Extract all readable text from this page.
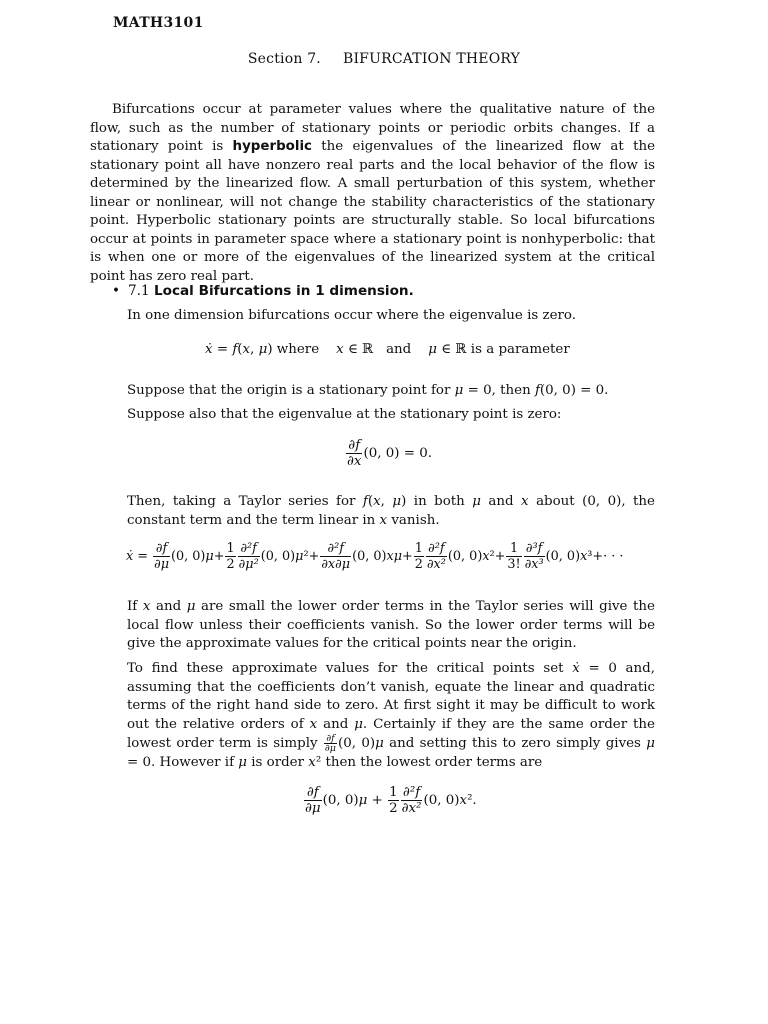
MATH3101
Section 7. BIFURCATION THEORY
Bifurcations occur at parameter values where the qualitative nature of the flow, such as the number of stationary points or periodic orbits changes. If a stationary point is hyperbolic the eigenvalues of the linearized flow at the stationary point all have nonzero real parts and the local behavior of the flow is determined by the linearized flow. A small perturbation of this system, whether linear or nonlinear, will not change the stability characteristics of the stationary point. Hyperbolic stationary points are structurally stable. So local bifurcations occur at points in parameter space where a stationary point is nonhyperbolic: that is when one or more of the eigenvalues of the linearized system at the critical point has zero real part.
• 7.1 Local Bifurcations in 1 dimension.
In one dimension bifurcations occur where the eigenvalue is zero.
ẋ = f(x, μ) where x ∈ ℝ   and μ ∈ ℝ is a parameter
Suppose that the origin is a stationary point for μ = 0, then f(0, 0) = 0.
Suppose also that the eigenvalue at the stationary point is zero:
$\frac{\partial f}{\partial x} (0$, 0) = 0.
Then, taking a Taylor series for f(x, μ) in both μ and x about (0, 0), the constant term and the term linear in x vanish.
ẋ = $\frac{\partial f}{\partial\mu} (0$, $0)\mu+ \frac{1}{2} \frac{\text{∂²f}}{\text{∂μ²}} (0$, $0)\mu^2+ \frac{\text{∂²f}}{\partial x\partial\mu} (0$, $0)x\mu+ \frac{1}{2} \frac{\text{∂²f}}{\text{∂x²}} (0$, $0)x^2+ \frac{1}{3!} \frac{\text{∂³f}}{\text{∂x³}} (0$, 0)x³+· · ·
If x and μ are small the lower order terms in the Taylor series will give the local flow unless their coefficients vanish. So the lower order terms will be give the approximate values for the critical points near the origin.
To find these approximate values for the critical points set ẋ = 0 and, assuming that the coefficients don’t vanish, equate the linear and quadratic terms of the right hand side to zero. At first sight it may be difficult to work out the relative orders of x and μ. Certainly if they are the same order the lowest order term is simply $\frac{\partial f}{\partial\mu} (0$, 0)μ and setting this to zero simply gives μ = 0. However if μ is order x² then the lowest order terms are
$\frac{\partial f}{\partial\mu} (0$, $0)\mu + \frac{1}{2} \frac{\text{∂²f}}{\text{∂x²}} (0$, 0)x².
